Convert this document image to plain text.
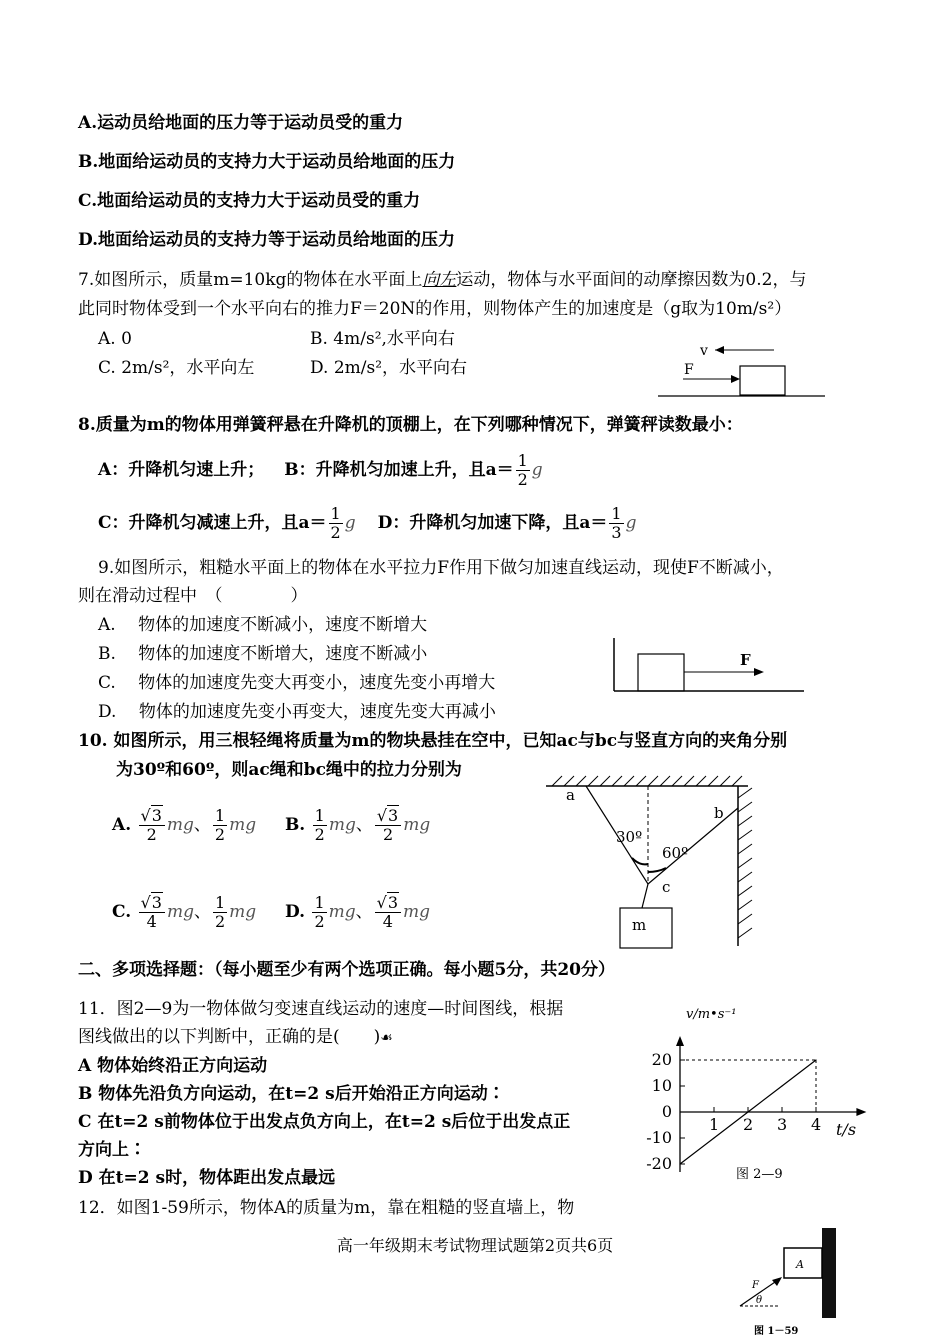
A.运动员给地面的压力等于运动员受的重力
B.地面给运动员的支持力大于运动员给地面的压力
C.地面给运动员的支持力大于运动员受的重力
D.地面给运动员的支持力等于运动员给地面的压力
7.如图所示，质量m=10kg的物体在水平面上向左运动，物体与水平面间的动摩擦因数为0.2，与
此同时物体受到一个水平向右的推力F＝20N的作用，则物体产生的加速度是（g取为10m/s²）
A. 0	B. 4m/s²,水平向右
C. 2m/s²，水平向左	D. 2m/s²，水平向右
v
F
8.质量为m的物体用弹簧秤悬在升降机的顶棚上，在下列哪种情况下，弹簧秤读数最小：
A：升降机匀速上升； B：升降机匀加速上升，且$a= \frac{1}{2}$ g
C：升降机匀减速上升，且$a= \frac{1}{2}$ g D：升降机匀加速下降，且$a= \frac{1}{3}$ g
9.如图所示，粗糙水平面上的物体在水平拉力F作用下做匀加速直线运动，现使F不断减小，
则在滑动过程中　（　　　　）
A.　 物体的加速度不断减小，速度不断增大
B.　 物体的加速度不断增大，速度不断减小
C.　 物体的加速度先变大再变小，速度先变小再增大
D.　 物体的加速度先变小再变大，速度先变大再减小
F
10. 如图所示，用三根轻绳将质量为m的物块悬挂在空中，已知ac与bc与竖直方向的夹角分别
为30º和60º，则ac绳和bc绳中的拉力分别为
A. $\frac{√3}{2}$ mg、 $\frac{1}{2}$ mg B. $\frac{1}{2}$ mg、 $\frac{√3}{2}$ mg
C. $\frac{√3}{4}$ mg、 $\frac{1}{2}$ mg D. $\frac{1}{2}$ mg、 $\frac{√3}{4}$ mg
a
b
c
30º
60º
m
二、多项选择题：（每小题至少有两个选项正确。每小题5分，共20分）
11．图2—9为一物体做匀变速直线运动的速度—时间图线，根据
图线做出的以下判断中，正确的是(　　)☙
A 物体始终沿正方向运动
B 物体先沿负方向运动，在t=2 s后开始沿正方向运动∶
C 在t=2 s前物体位于出发点负方向上，在t=2 s后位于出发点正
方向上∶
D 在t=2 s时，物体距出发点最远
1 2 3 4
20
10
0
-10
-20
v/m•s⁻¹
t/s
图 2—9
12．如图1-59所示，物体A的质量为m，靠在粗糙的竖直墙上，物
高一年级期末考试物理试题第2页共6页
A
F
θ
图 1－59
